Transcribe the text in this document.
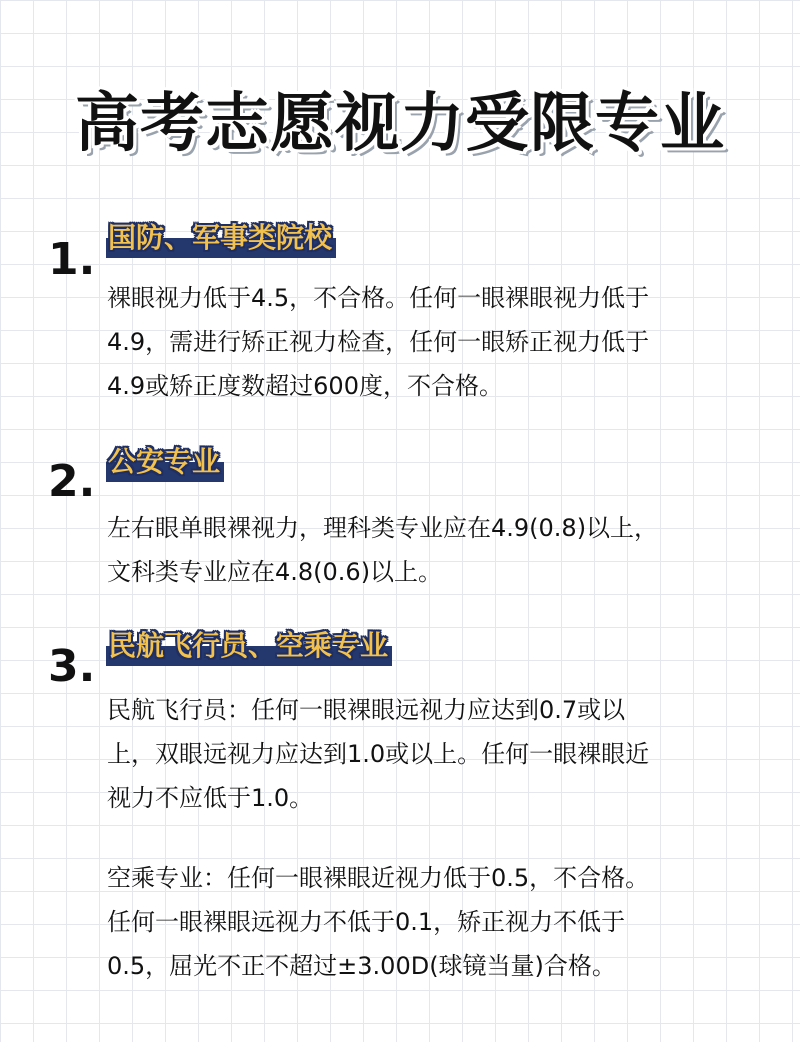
高考志愿视力受限专业
1. 国防、军事类院校
裸眼视力低于4.5，不合格。任何一眼裸眼视力低于
4.9，需进行矫正视力检查，任何一眼矫正视力低于
4.9或矫正度数超过600度，不合格。
2. 公安专业
左右眼单眼裸视力，理科类专业应在4.9(0.8)以上，
文科类专业应在4.8(0.6)以上。
3. 民航飞行员、空乘专业
民航飞行员：任何一眼裸眼远视力应达到0.7或以
上，双眼远视力应达到1.0或以上。任何一眼裸眼近
视力不应低于1.0。
空乘专业：任何一眼裸眼近视力低于0.5，不合格。
任何一眼裸眼远视力不低于0.1，矫正视力不低于
0.5，屈光不正不超过±3.00D(球镜当量)合格。
